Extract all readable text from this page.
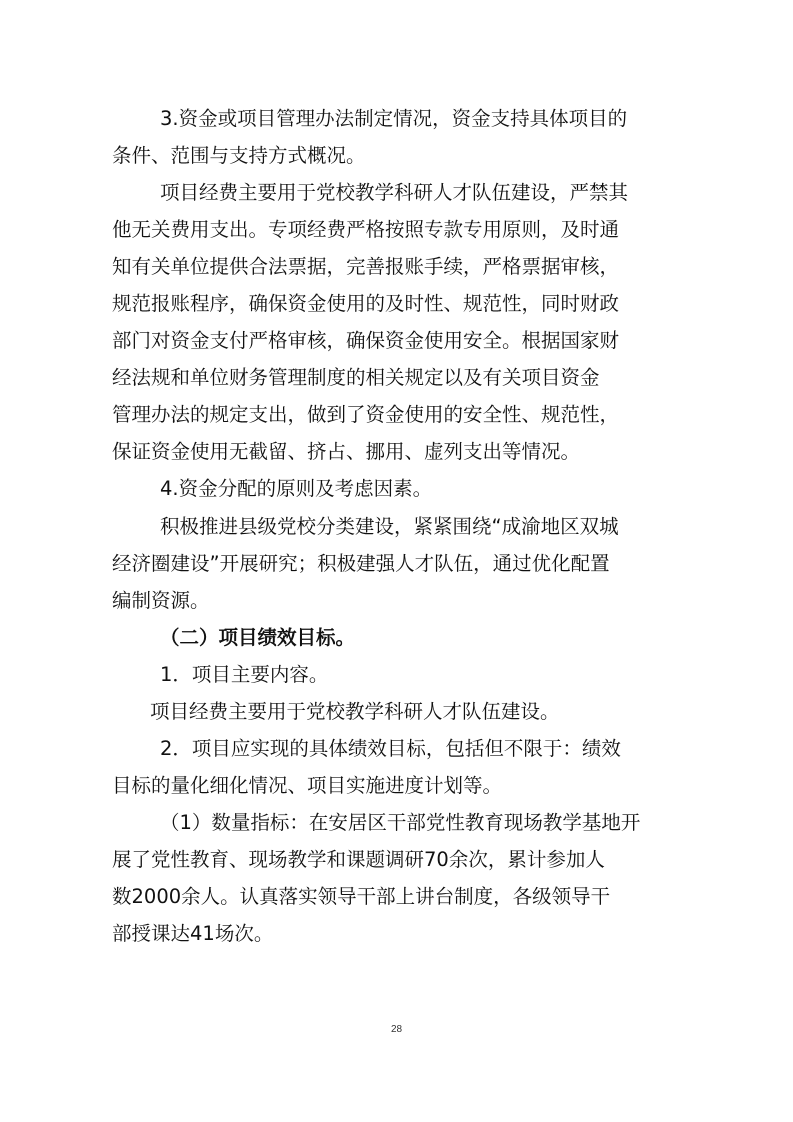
3.资金或项目管理办法制定情况，资金支持具体项目的
条件、范围与支持方式概况。
项目经费主要用于党校教学科研人才队伍建设，严禁其
他无关费用支出。专项经费严格按照专款专用原则，及时通
知有关单位提供合法票据，完善报账手续，严格票据审核，
规范报账程序，确保资金使用的及时性、规范性，同时财政
部门对资金支付严格审核，确保资金使用安全。根据国家财
经法规和单位财务管理制度的相关规定以及有关项目资金
管理办法的规定支出，做到了资金使用的安全性、规范性，
保证资金使用无截留、挤占、挪用、虚列支出等情况。
4.资金分配的原则及考虑因素。
积极推进县级党校分类建设，紧紧围绕“成渝地区双城
经济圈建设”开展研究；积极建强人才队伍，通过优化配置
编制资源。
（二）项目绩效目标。
1．项目主要内容。
项目经费主要用于党校教学科研人才队伍建设。
2．项目应实现的具体绩效目标，包括但不限于：绩效
目标的量化细化情况、项目实施进度计划等。
（1）数量指标：在安居区干部党性教育现场教学基地开
展了党性教育、现场教学和课题调研70余次，累计参加人
数2000余人。认真落实领导干部上讲台制度，各级领导干
部授课达41场次。
28
